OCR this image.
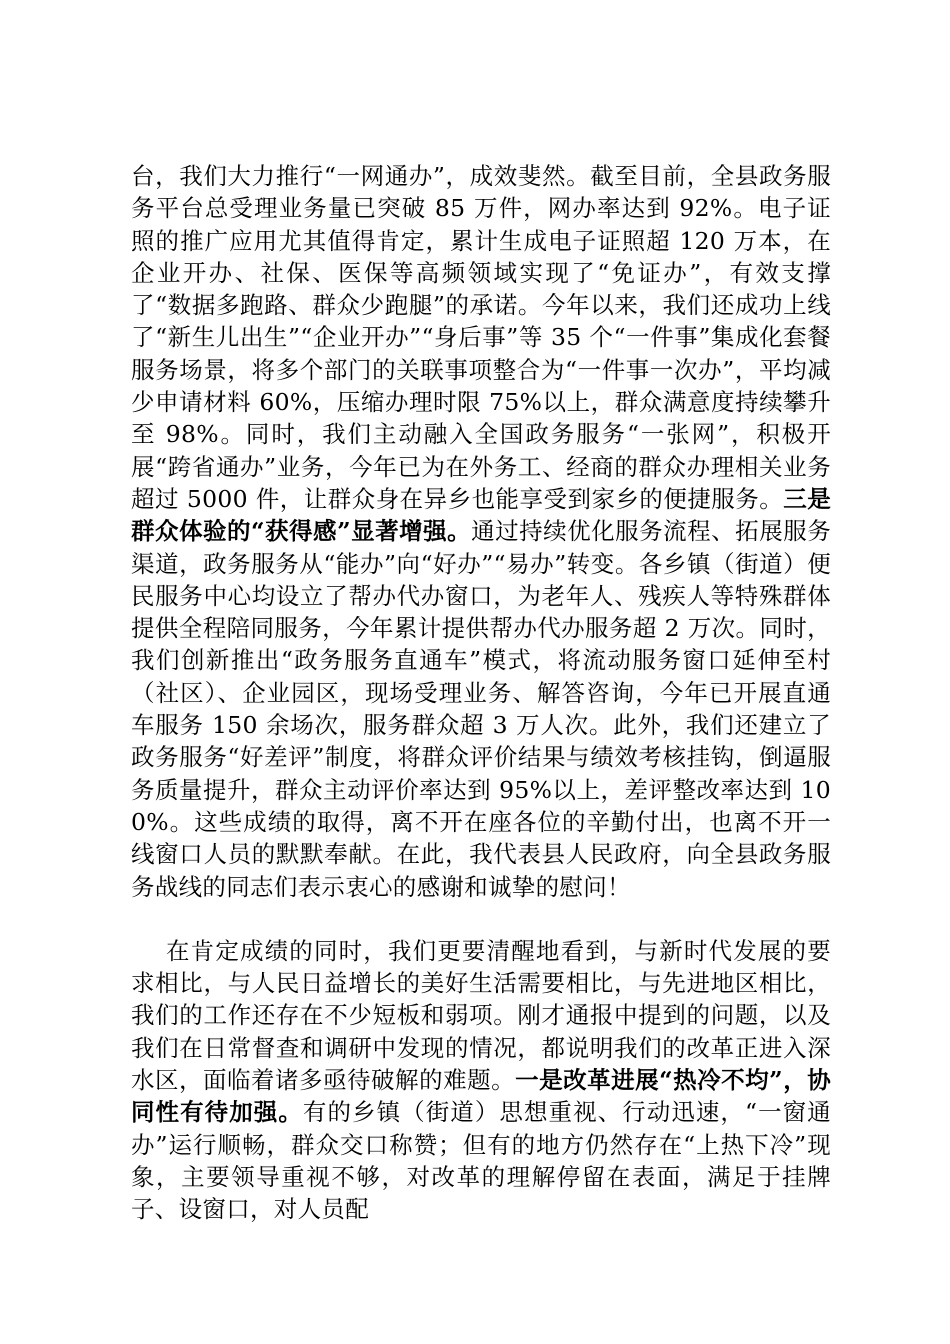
台，我们大力推行“一网通办”，成效斐然。截至目前，全县政务服务平台总受理业务量已突破 85 万件，网办率达到 92%。电子证照的推广应用尤其值得肯定，累计生成电子证照超 120 万本，在企业开办、社保、医保等高频领域实现了“免证办”，有效支撑了“数据多跑路、群众少跑腿”的承诺。今年以来，我们还成功上线了“新生儿出生”“企业开办”“身后事”等 35 个“一件事”集成化套餐服务场景，将多个部门的关联事项整合为“一件事一次办”，平均减少申请材料 60%，压缩办理时限 75%以上，群众满意度持续攀升至 98%。同时，我们主动融入全国政务服务“一张网”，积极开展“跨省通办”业务，今年已为在外务工、经商的群众办理相关业务超过 5000 件，让群众身在异乡也能享受到家乡的便捷服务。三是群众体验的“获得感”显著增强。通过持续优化服务流程、拓展服务渠道，政务服务从“能办”向“好办”“易办”转变。各乡镇（街道）便民服务中心均设立了帮办代办窗口，为老年人、残疾人等特殊群体提供全程陪同服务，今年累计提供帮办代办服务超 2 万次。同时，我们创新推出“政务服务直通车”模式，将流动服务窗口延伸至村（社区）、企业园区，现场受理业务、解答咨询，今年已开展直通车服务 150 余场次，服务群众超 3 万人次。此外，我们还建立了政务服务“好差评”制度，将群众评价结果与绩效考核挂钩，倒逼服务质量提升，群众主动评价率达到 95%以上，差评整改率达到 100%。这些成绩的取得，离不开在座各位的辛勤付出，也离不开一线窗口人员的默默奉献。在此，我代表县人民政府，向全县政务服务战线的同志们表示衷心的感谢和诚挚的慰问！

在肯定成绩的同时，我们更要清醒地看到，与新时代发展的要求相比，与人民日益增长的美好生活需要相比，与先进地区相比，我们的工作还存在不少短板和弱项。刚才通报中提到的问题，以及我们在日常督查和调研中发现的情况，都说明我们的改革正进入深水区，面临着诸多亟待破解的难题。一是改革进展“热冷不均”，协同性有待加强。有的乡镇（街道）思想重视、行动迅速，“一窗通办”运行顺畅，群众交口称赞；但有的地方仍然存在“上热下冷”现象，主要领导重视不够，对改革的理解停留在表面，满足于挂牌子、设窗口，对人员配
